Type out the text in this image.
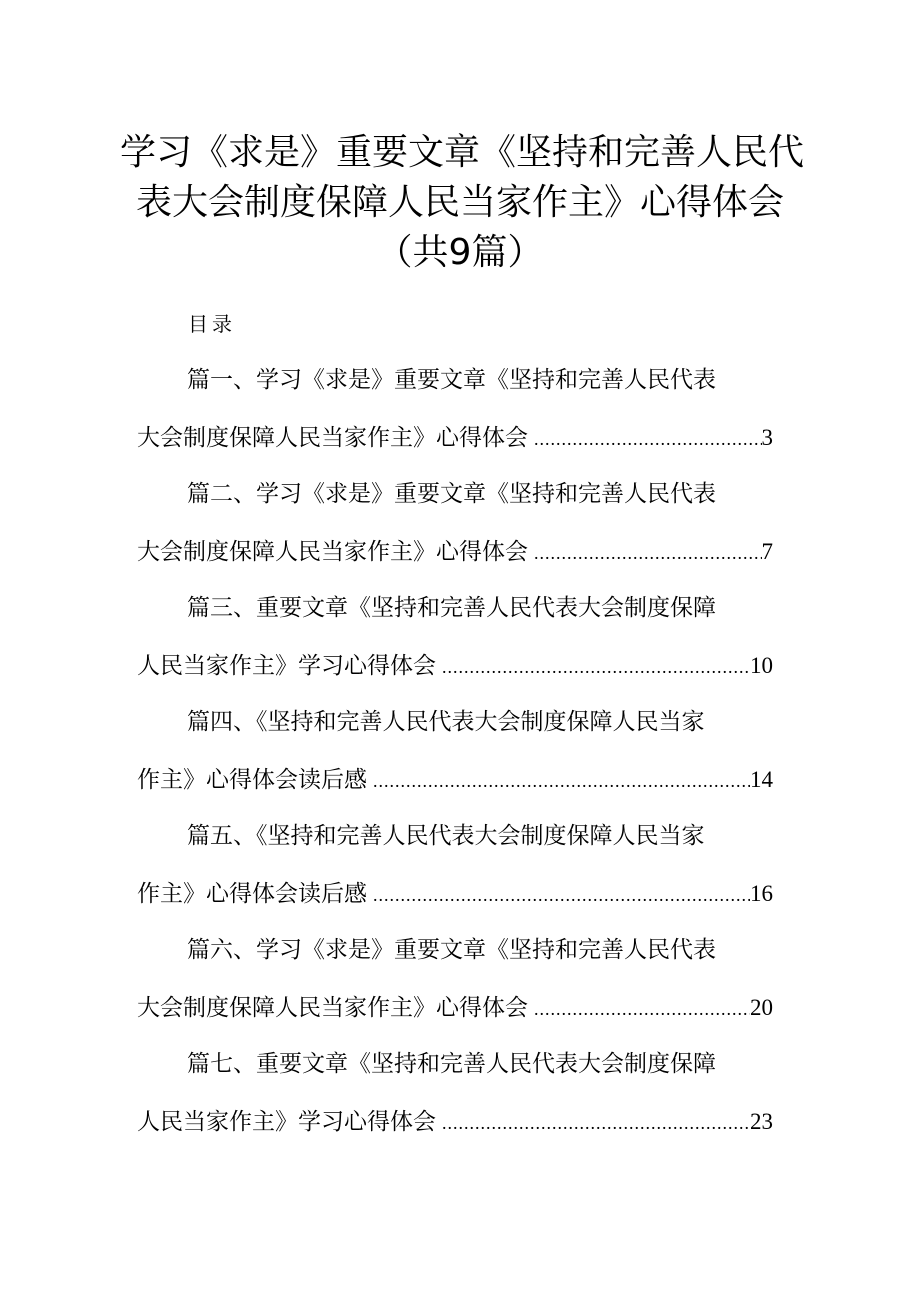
学习《求是》重要文章《坚持和完善人民代
表大会制度保障人民当家作主》心得体会
（共9篇）
目录
篇一、学习《求是》重要文章《坚持和完善人民代表
大会制度保障人民当家作主》心得体会 .....	3
篇二、学习《求是》重要文章《坚持和完善人民代表
大会制度保障人民当家作主》心得体会 .....	7
篇三、重要文章《坚持和完善人民代表大会制度保障
人民当家作主》学习心得体会 .....	10
篇四、《坚持和完善人民代表大会制度保障人民当家
作主》心得体会读后感 .....	14
篇五、《坚持和完善人民代表大会制度保障人民当家
作主》心得体会读后感 .....	16
篇六、学习《求是》重要文章《坚持和完善人民代表
大会制度保障人民当家作主》心得体会 .....	20
篇七、重要文章《坚持和完善人民代表大会制度保障
人民当家作主》学习心得体会 .....	23
